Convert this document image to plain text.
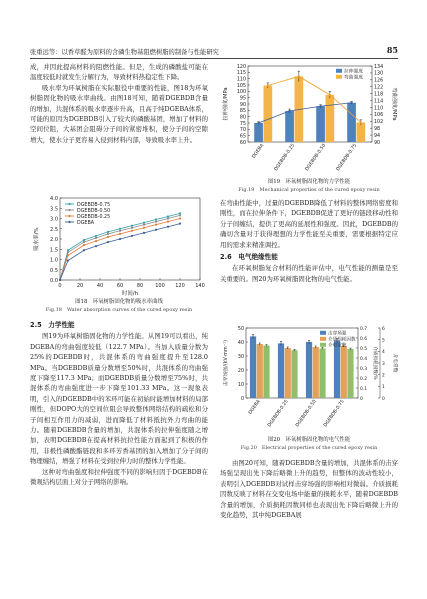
张重远等：以香草醛为原料的含磷生物基阻燃树脂的制备与性能研究	85

成，并因此提高材料的阻燃性能。但是，生成的磷酸盐可能在温度较低时就发生分解行为，导致材料热稳定性下降。

吸水率为环氧树脂在实际服役中重要的性能，图18为环氧树脂固化物的吸水率曲线。由图18可知，随着DGEBDB含量的增加，共混体系的吸水率逐步升高，且高于纯DGEBA体系，可能的原因为DGEBDB引入了较大的磷酸基团，增加了材料的空间位阻，大基团会阻碍分子间的紧密堆积，使分子间的空隙增大，使水分子更容易入侵到材料内部，导致吸水率上升。

0.0
0.5
1.0
1.5
2.0
2.5
3.0
3.5
4.0
0	20	40	60	80 100 120 140
时间/h
吸水率/%
DGEBDB-0.75
DGEBDB-0.50
DGEBDB-0.25
DGEBA
图18　环氧树脂固化物的吸水率曲线
Fig.18　Water absorption curves of the cured epoxy resin
2.5　力学性能

图19为环氧树脂固化物的力学性能。从图19可以看出，纯DGEBA的弯曲强度较低（122.7 MPa）。当加入质量分数为25%的DGEBDB时，共混体系的弯曲强度提升至128.0 MPa。当DGEBDB质量分数增至50%时，共混体系的弯曲强度下降至117.3 MPa；而DGEBDB质量分数增至75%时，共混体系的弯曲强度进一步下降至101.33 MPa。这一现象表明，引入的DGEBDB中的苯环可能在初始时能增加材料的局部刚性，但DOPO大的空间位阻会导致整体网络结构的疏松和分子间相互作用力的减弱，进而降低了材料抵抗外力弯曲的能力。随着DGEBDB含量的增加，共混体系的拉伸强度随之增加，表明DGEBDB在提高材料抗拉性能方面起到了积极的作用，非极性磷酸酯链段和多环芳香基团的加入增加了分子间的物理缠结，增强了材料在受到拉伸力时的整体力学性能。

这种对弯曲强度和拉伸强度不同的影响归因于DGEBDB在微观结构层面上对分子网络的影响。

60
65
70
75
80
85
90
95
100
105
110
115
120
90
94
98
102
106
110
114
118
122
126
130
134
拉伸强度/MPa	弯曲强度/MPa
DGEBA DGEBDB-0.25 DGEBDB-0.50 DGEBDB-0.75
拉伸强度
弯曲强度
图19　环氧树脂固化物的力学性能
Fig.19　Mechanical properties of the cured epoxy resin

在弯曲性能中，过量的DGEBDB降低了材料的整体网络密度和刚性，而在拉伸条件下，DGEBDB促进了更好的链段移动性和分子间缠结，提供了更高的延展性和强度。因此，DGEBDB的确切含量对于获得理想的力学性能至关重要，需要根据特定应用的需求来精准调控。

2.6　电气绝缘性能

在环氧树脂复合材料的性能评估中，电气性能的测量是至关重要的。图20为环氧树脂固化物的电气性能。

0
10
20
30
40
50
0
0.1
0.2
0.3
0.4
0.5
0.6
0.7
0
1
2
3
4
5
6
击穿场强/(kV·mm⁻¹)	介质损耗因数/%	介电常数
DGEBA DGEBDB-0.25 DGEBDB-0.50 DGEBDB-0.75
击穿场强
介质损耗因数
介电常数
图20　环氧树脂固化物的电气性能
Fig.20　Electrical properties of the cured epoxy resin

由图20可知，随着DGEBDB含量的增加，共混体系的击穿场强呈现出先下降后略微上升的趋势，但整体的波动性较小，表明引入DGEBDB对试样击穿场强的影响相对微弱。介质损耗因数反映了材料在交变电场中能量的损耗水平，随着DGEBDB含量的增加，介质损耗因数同样也表现出先下降后略微上升的变化趋势，其中纯DGEBA展
